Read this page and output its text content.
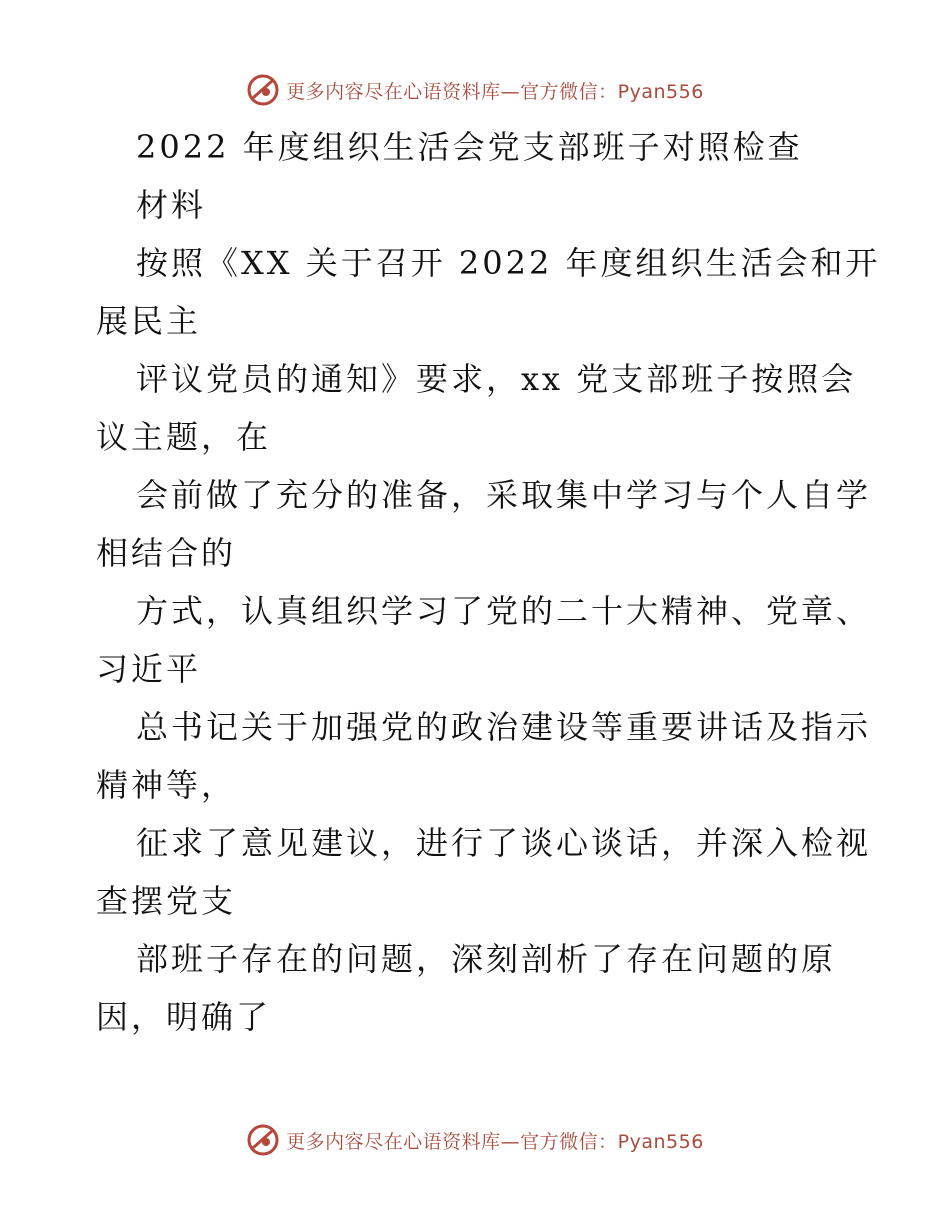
更多内容尽在心语资料库—官方微信：Pyan556
2022 年度组织生活会党支部班子对照检查
材料
按照《XX 关于召开 2022 年度组织生活会和开
展民主
评议党员的通知》要求，xx 党支部班子按照会
议主题，在
会前做了充分的准备，采取集中学习与个人自学
相结合的
方式，认真组织学习了党的二十大精神、党章、
习近平
总书记关于加强党的政治建设等重要讲话及指示
精神等，
征求了意见建议，进行了谈心谈话，并深入检视
查摆党支
部班子存在的问题，深刻剖析了存在问题的原
因，明确了
更多内容尽在心语资料库—官方微信：Pyan556
